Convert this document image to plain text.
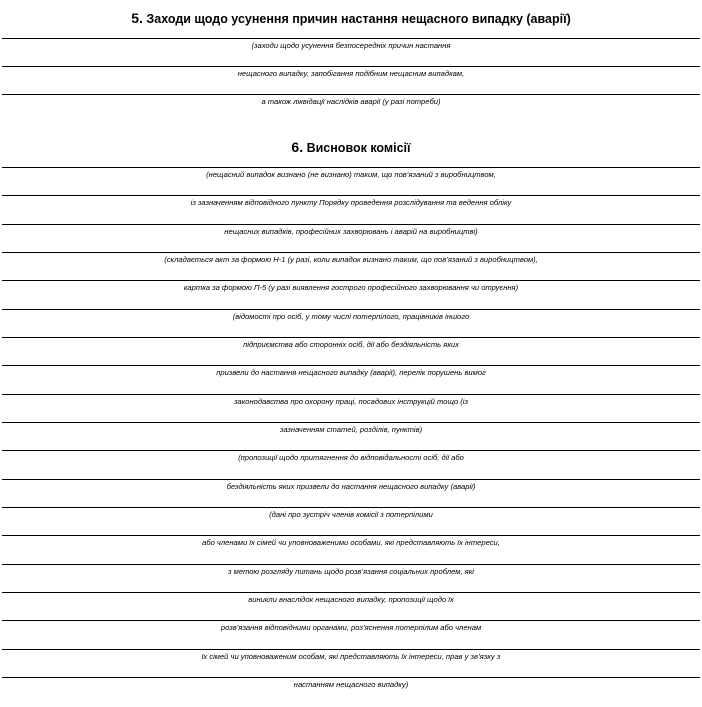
5. Заходи щодо усунення причин настання нещасного випадку (аварії)
(заходи щодо усунення безпосередніх причин настання
нещасного випадку, запобігання подібним нещасним випадкам,
а також ліквідації наслідків аварії (у разі потреби)
6. Висновок комісії
(нещасний випадок визнано (не визнано) таким, що пов’язаний з виробництвом,
із зазначенням відповідного пункту Порядку проведення розслідування та ведення обліку
нещасних випадків, професійних захворювань і аварій на виробництві)
(складається акт за формою Н-1 (у разі, коли випадок визнано таким, що пов’язаний з виробництвом),
картка за формою П-5 (у разі виявлення гострого професійного захворювання чи отруєння)
(відомості про осіб, у тому числі потерпілого, працівників іншого
підприємства або сторонніх осіб, дії або бездіяльність яких
призвели до настання нещасного випадку (аварії), перелік порушень вимог
законодавства про охорону праці, посадових інструкцій тощо (із
зазначенням статей, розділів, пунктів)
(пропозиції щодо притягнення до відповідальності осіб, дії або
бездіяльність яких призвели до настання нещасного випадку (аварії)
(дані про зустріч членів комісії з потерпілими
або членами їх сімей чи уповноваженими особами, які представляють їх інтереси,
з метою розгляду питань щодо розв’язання соціальних проблем, які
виникли внаслідок нещасного випадку, пропозиції щодо їх
розв’язання відповідними органами, роз’яснення потерпілим або членам
їх сімей чи уповноваженим особам, які представляють їх інтереси, прав у зв’язку з
настанням нещасного випадку)
